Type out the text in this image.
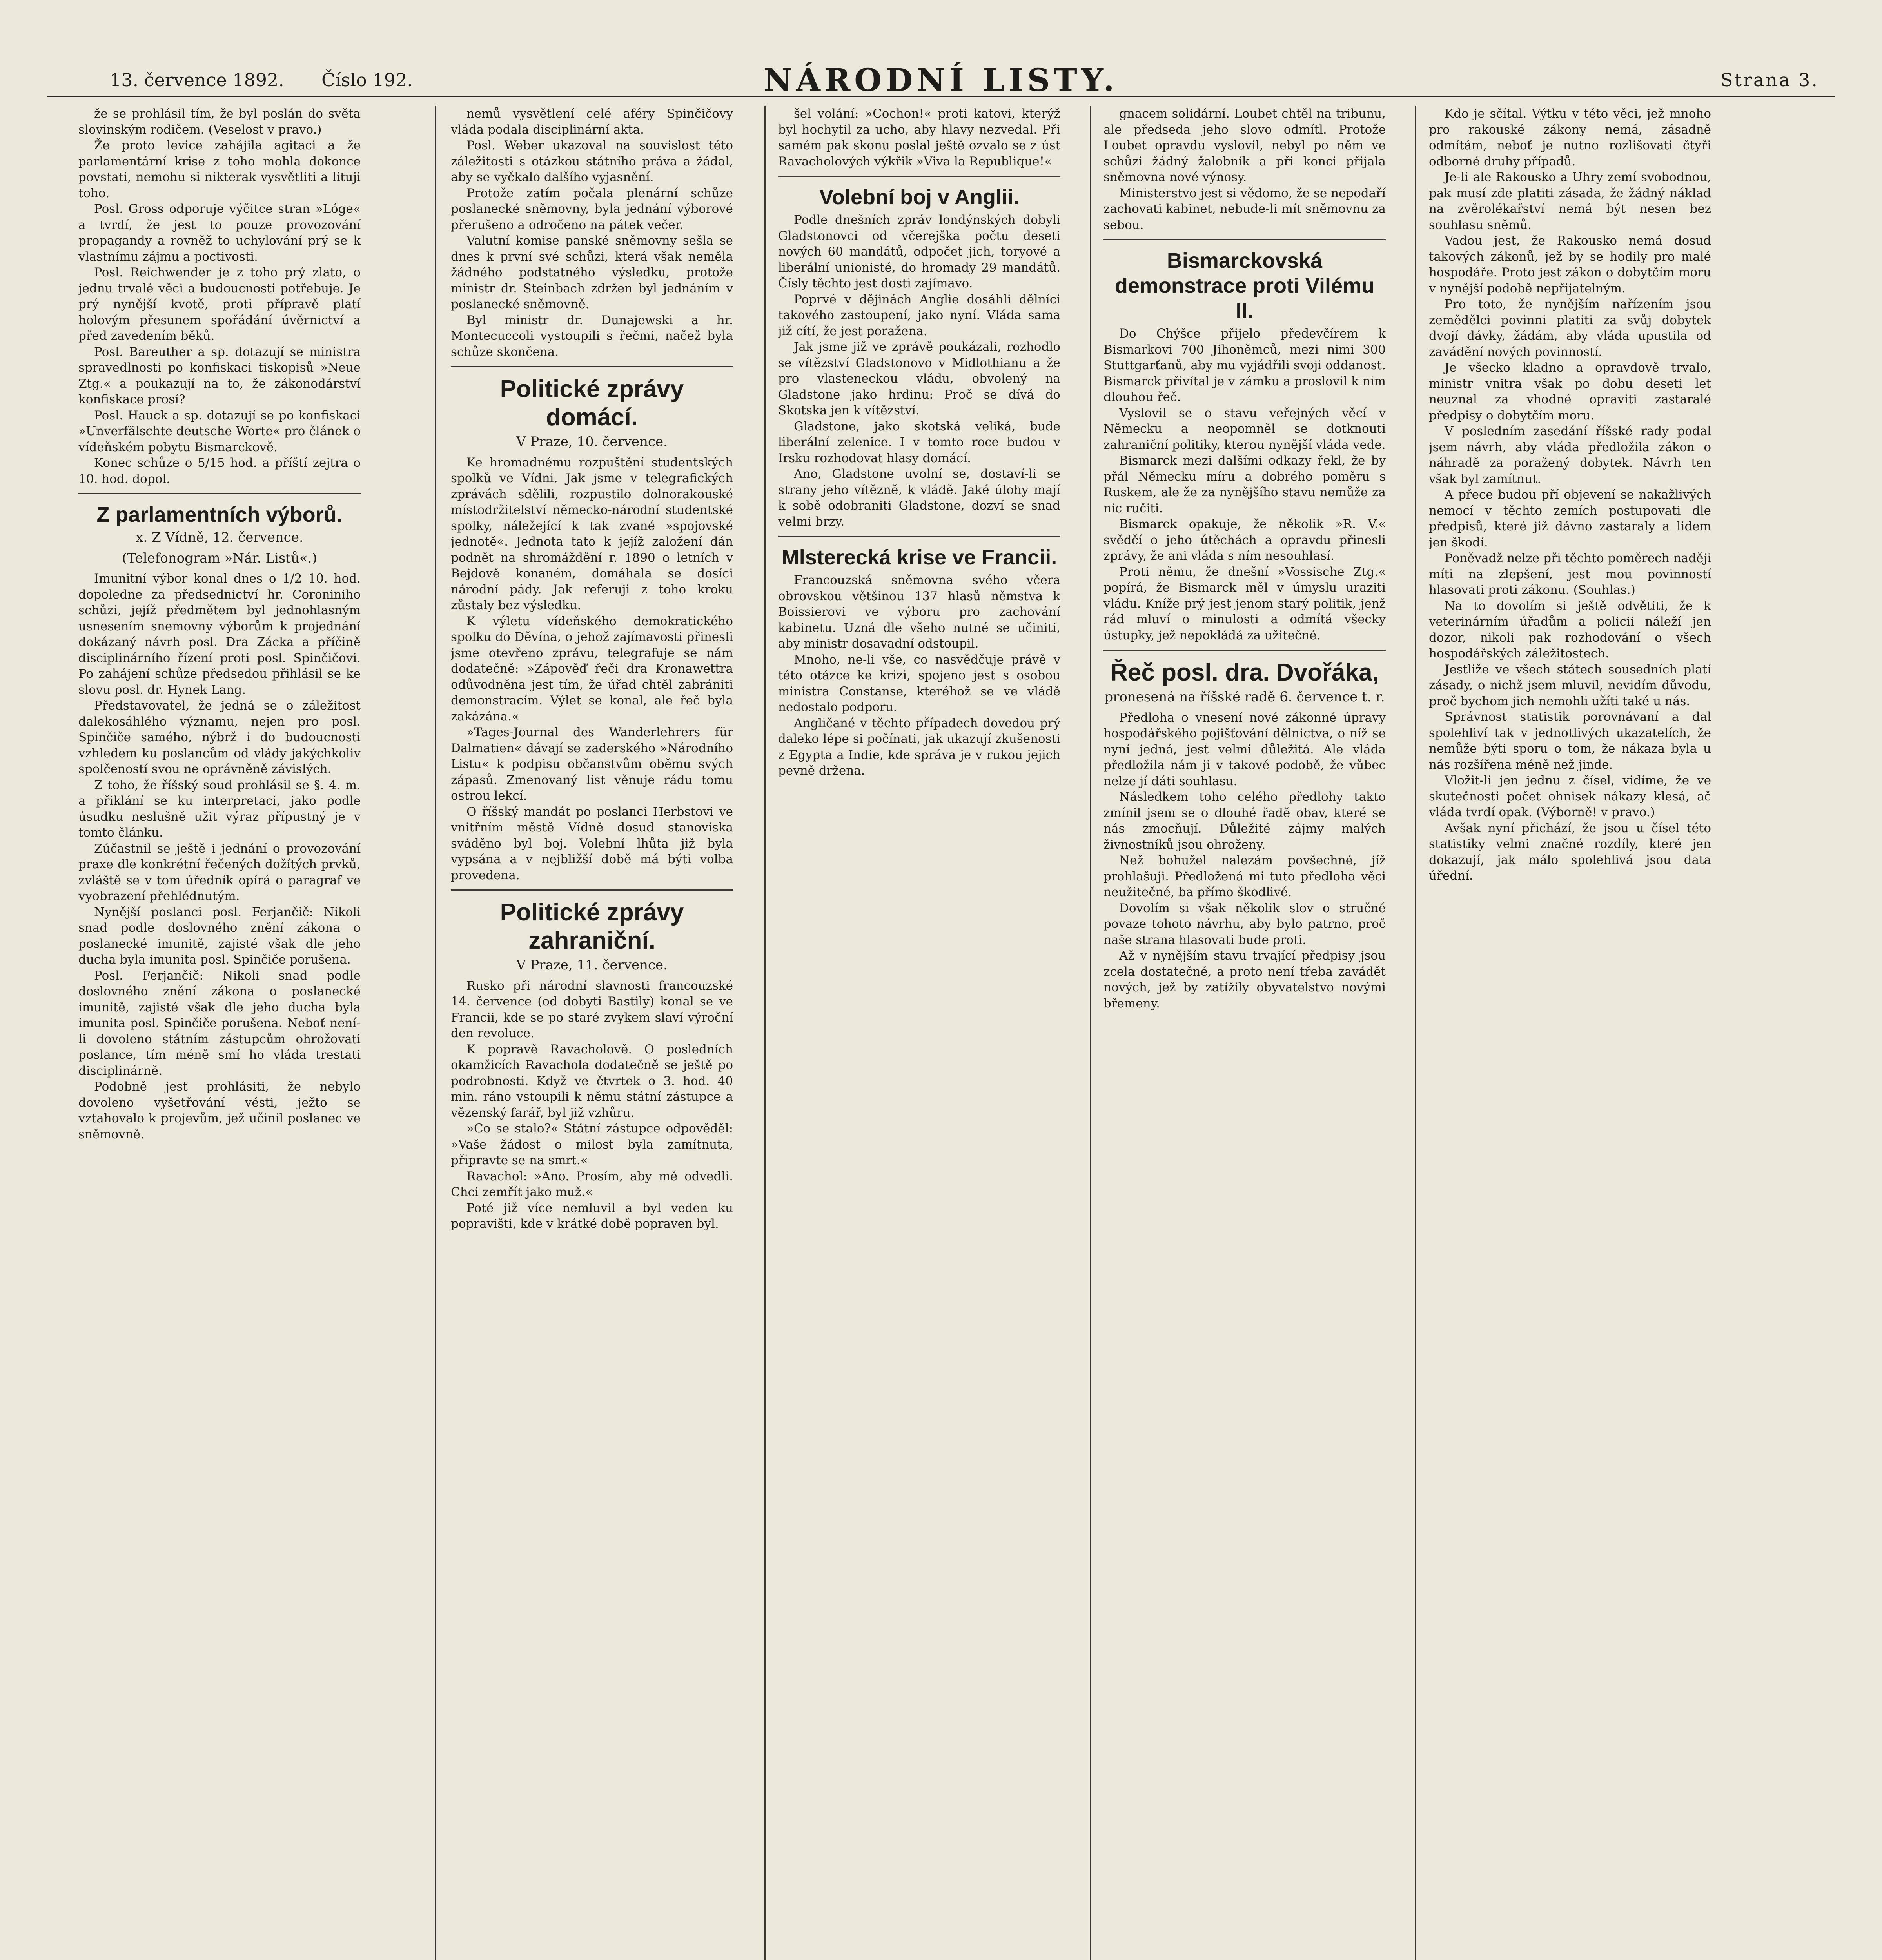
13. července 1892. Číslo 192.	NÁRODNÍ LISTY.	Strana 3.

že se prohlásil tím, že byl poslán do světa slovinským rodičem. (Veselost v pravo.)

Že proto levice zahájila agitaci a že parlamentární krise z toho mohla dokonce povstati, nemohu si nikterak vysvětliti a lituji toho.

Posl. Gross odporuje výčitce stran »Lóge« a tvrdí, že jest to pouze provozování propagandy a rovněž to uchylování prý se k vlastnímu zájmu a poctivosti.

Posl. Reichwender je z toho prý zlato, o jednu trvalé věci a budoucnosti potřebuje. Je prý nynější kvotě, proti přípravě platí holovým přesunem spořádání úvěrnictví a před zavedením běků.

Posl. Bareuther a sp. dotazují se ministra spravedlnosti po konfiskaci tiskopisů »Neue Ztg.« a poukazují na to, že zákonodárství konfiskace prosí?

Posl. Hauck a sp. dotazují se po konfiskaci »Unverfälschte deutsche Worte« pro článek o vídeňském pobytu Bismarckově.

Konec schůze o 5/15 hod. a příští zejtra o 10. hod. dopol.

Z parlamentních výborů.
x. Z Vídně, 12. července.
(Telefonogram »Nár. Listů«.)

Imunitní výbor konal dnes o 1/2 10. hod. dopoledne za předsednictví hr. Coroniniho schůzi, jejíž předmětem byl jednohlasným usnesením snemovny výborům k projednání dokázaný návrh posl. Dra Zácka a příčině disciplinárního řízení proti posl. Spinčičovi. Po zahájení schůze předsedou přihlásil se ke slovu posl. dr. Hynek Lang.

Představovatel, že jedná se o záležitost dalekosáhlého významu, nejen pro posl. Spinčiče samého, nýbrž i do budoucnosti vzhledem ku poslancům od vlády jakýchkoliv spolčeností svou ne oprávněně závislých.

Z toho, že říšský soud prohlásil se §. 4. m. a přiklání se ku interpretaci, jako podle úsudku neslušně užit výraz přípustný je v tomto článku.

Zúčastnil se ještě i jednání o provozování praxe dle konkrétní řečených dožítých prvků, zvláště se v tom úředník opírá o paragraf ve vyobrazení přehlédnutým.

Nynější poslanci posl. Ferjančič: Nikoli snad podle doslovného znění zákona o poslanecké imunitě, zajisté však dle jeho ducha byla imunita posl. Spinčiče porušena.

Posl. Ferjančič: Nikoli snad podle doslovného znění zákona o poslanecké imunitě, zajisté však dle jeho ducha byla imunita posl. Spinčiče porušena. Neboť není-li dovoleno státním zástupcům ohrožovati poslance, tím méně smí ho vláda trestati disciplinárně.

Podobně jest prohlásiti, že nebylo dovoleno vyšetřování vésti, ježto se vztahovalo k projevům, jež učinil poslanec ve sněmovně.

nemů vysvětlení celé aféry Spinčičovy vláda podala disciplinární akta.

Posl. Weber ukazoval na souvislost této záležitosti s otázkou státního práva a žádal, aby se vyčkalo dalšího vyjasnění.

Protože zatím počala plenární schůze poslanecké sněmovny, byla jednání výborové přerušeno a odročeno na pátek večer.

Valutní komise panské sněmovny sešla se dnes k první své schůzi, která však neměla žádného podstatného výsledku, protože ministr dr. Steinbach zdržen byl jednáním v poslanecké sněmovně.

Byl ministr dr. Dunajewski a hr. Montecuccoli vystoupili s řečmi, načež byla schůze skončena.

Politické zprávy domácí.
V Praze, 10. července.

Ke hromadnému rozpuštění studentských spolků ve Vídni. Jak jsme v telegrafických zprávách sdělili, rozpustilo dolnorakouské místodržitelství německo-národní studentské spolky, náležející k tak zvané »spojovské jednotě«. Jednota tato k jejíž založení dán podnět na shromáždění r. 1890 o letních v Bejdově konaném, domáhala se dosíci národní pády. Jak referuji z toho kroku zůstaly bez výsledku.

K výletu vídeňského demokratického spolku do Děvína, o jehož zajímavosti přinesli jsme otevřeno zprávu, telegrafuje se nám dodatečně: »Zápověď řeči dra Kronawettra odůvodněna jest tím, že úřad chtěl zabrániti demonstracím. Výlet se konal, ale řeč byla zakázána.«

»Tages-Journal des Wanderlehrers für Dalmatien« dávají se zaderského »Národního Listu« k podpisu občanstvům oběmu svých zápasů. Zmenovaný list věnuje rádu tomu ostrou lekcí.

O říšský mandát po poslanci Herbstovi ve vnitřním městě Vídně dosud stanoviska sváděno byl boj. Volební lhůta již byla vypsána a v nejbližší době má býti volba provedena.

Politické zprávy zahraniční.
V Praze, 11. července.

Rusko při národní slavnosti francouzské 14. července (od dobyti Bastily) konal se ve Francii, kde se po staré zvykem slaví výroční den revoluce.

K popravě Ravacholově. O posledních okamžicích Ravachola dodatečně se ještě po podrobnosti. Když ve čtvrtek o 3. hod. 40 min. ráno vstoupili k němu státní zástupce a vězenský farář, byl již vzhůru.

»Co se stalo?« Státní zástupce odpověděl: »Vaše žádost o milost byla zamítnuta, připravte se na smrt.«

Ravachol: »Ano. Prosím, aby mě odvedli. Chci zemřít jako muž.«

Poté již více nemluvil a byl veden ku popravišti, kde v krátké době popraven byl.

šel volání: »Cochon!« proti katovi, kterýž byl hochytil za ucho, aby hlavy nezvedal. Při samém pak skonu poslal ještě ozvalo se z úst Ravacholových výkřik »Viva la Republique!«

Volební boj v Anglii.

Podle dnešních zpráv londýnských dobyli Gladstonovci od včerejška počtu deseti nových 60 mandátů, odpočet jich, toryové a liberální unionisté, do hromady 29 mandátů. Čísly těchto jest dosti zajímavo.

Poprvé v dějinách Anglie dosáhli dělníci takového zastoupení, jako nyní. Vláda sama již cítí, že jest poražena.

Jak jsme již ve zprávě poukázali, rozhodlo se vítězství Gladstonovo v Midlothianu a že pro vlasteneckou vládu, obvolený na Gladstone jako hrdinu: Proč se dívá do Skotska jen k vítězství.

Gladstone, jako skotská veliká, bude liberální zelenice. I v tomto roce budou v Irsku rozhodovat hlasy domácí.

Ano, Gladstone uvolní se, dostaví-li se strany jeho vítězně, k vládě. Jaké úlohy mají k sobě odobraniti Gladstone, dozví se snad velmi brzy.

Mlsterecká krise ve Francii.

Francouzská sněmovna svého včera obrovskou většinou 137 hlasů němstva k Boissierovi ve výboru pro zachování kabinetu. Uzná dle všeho nutné se učiniti, aby ministr dosavadní odstoupil.

Mnoho, ne-li vše, co nasvědčuje právě v této otázce ke krizi, spojeno jest s osobou ministra Constanse, kteréhož se ve vládě nedostalo podporu.

Angličané v těchto případech dovedou prý daleko lépe si počínati, jak ukazují zkušenosti z Egypta a Indie, kde správa je v rukou jejich pevně držena.

gnacem solidární. Loubet chtěl na tribunu, ale předseda jeho slovo odmítl. Protože Loubet opravdu vyslovil, nebyl po něm ve schůzi žádný žalobník a při konci přijala sněmovna nové výnosy.

Ministerstvo jest si vědomo, že se nepodaří zachovati kabinet, nebude-li mít sněmovnu za sebou.

Bismarckovská demonstrace proti Vilému II.

Do Chýšce přijelo předevčírem k Bismarkovi 700 Jihoněmců, mezi nimi 300 Stuttgarťanů, aby mu vyjádřili svoji oddanost. Bismarck přivítal je v zámku a proslovil k nim dlouhou řeč.

Vyslovil se o stavu veřejných věcí v Německu a neopomněl se dotknouti zahraniční politiky, kterou nynější vláda vede.

Bismarck mezi dalšími odkazy řekl, že by přál Německu míru a dobrého poměru s Ruskem, ale že za nynějšího stavu nemůže za nic ručiti.

Bismarck opakuje, že několik »R. V.« svědčí o jeho útěchách a opravdu přinesli zprávy, že ani vláda s ním nesouhlasí.

Proti němu, že dnešní »Vossische Ztg.« popírá, že Bismarck měl v úmyslu uraziti vládu. Kníže prý jest jenom starý politik, jenž rád mluví o minulosti a odmítá všecky ústupky, jež nepokládá za užitečné.

Řeč posl. dra. Dvořáka,
pronesená na říšské radě 6. července t. r.

Předloha o vnesení nové zákonné úpravy hospodářského pojišťování dělnictva, o níž se nyní jedná, jest velmi důležitá. Ale vláda předložila nám ji v takové podobě, že vůbec nelze jí dáti souhlasu.

Následkem toho celého předlohy takto zmínil jsem se o dlouhé řadě obav, které se nás zmocňují. Důležité zájmy malých živnostníků jsou ohroženy.

Než bohužel nalezám povšechné, jíž prohlašuji. Předložená mi tuto předloha věci neužitečné, ba přímo škodlivé.

Dovolím si však několik slov o stručné povaze tohoto návrhu, aby bylo patrno, proč naše strana hlasovati bude proti.

Až v nynějším stavu trvající předpisy jsou zcela dostatečné, a proto není třeba zavádět nových, jež by zatížily obyvatelstvo novými břemeny.

Kdo je sčítal. Výtku v této věci, jež mnoho pro rakouské zákony nemá, zásadně odmítám, neboť je nutno rozlišovati čtyři odborné druhy případů.

Je-li ale Rakousko a Uhry zemí svobodnou, pak musí zde platiti zásada, že žádný náklad na zvěrolékařství nemá být nesen bez souhlasu sněmů.

Vadou jest, že Rakousko nemá dosud takových zákonů, jež by se hodily pro malé hospodáře. Proto jest zákon o dobytčím moru v nynější podobě nepřijatelným.

Pro toto, že nynějším nařízením jsou zemědělci povinni platiti za svůj dobytek dvojí dávky, žádám, aby vláda upustila od zavádění nových povinností.

Je všecko kladno a opravdově trvalo, ministr vnitra však po dobu deseti let neuznal za vhodné opraviti zastaralé předpisy o dobytčím moru.

V posledním zasedání říšské rady podal jsem návrh, aby vláda předložila zákon o náhradě za poražený dobytek. Návrh ten však byl zamítnut.

A přece budou pří objevení se nakažlivých nemocí v těchto zemích postupovati dle předpisů, které již dávno zastaraly a lidem jen škodí.

Poněvadž nelze při těchto poměrech naději míti na zlepšení, jest mou povinností hlasovati proti zákonu. (Souhlas.)

Na to dovolím si ještě odvětiti, že k veterinárním úřadům a policii náleží jen dozor, nikoli pak rozhodování o všech hospodářských záležitostech.

Jestliže ve všech státech sousedních platí zásady, o nichž jsem mluvil, nevidím důvodu, proč bychom jich nemohli užíti také u nás.

Správnost statistik porovnávaní a dal spolehliví tak v jednotlivých ukazatelích, že nemůže býti sporu o tom, že nákaza byla u nás rozšířena méně než jinde.

Vložit-li jen jednu z čísel, vidíme, že ve skutečnosti počet ohnisek nákazy klesá, ač vláda tvrdí opak. (Výborně! v pravo.)

Avšak nyní přichází, že jsou u čísel této statistiky velmi značné rozdíly, které jen dokazují, jak málo spolehlivá jsou data úřední.
